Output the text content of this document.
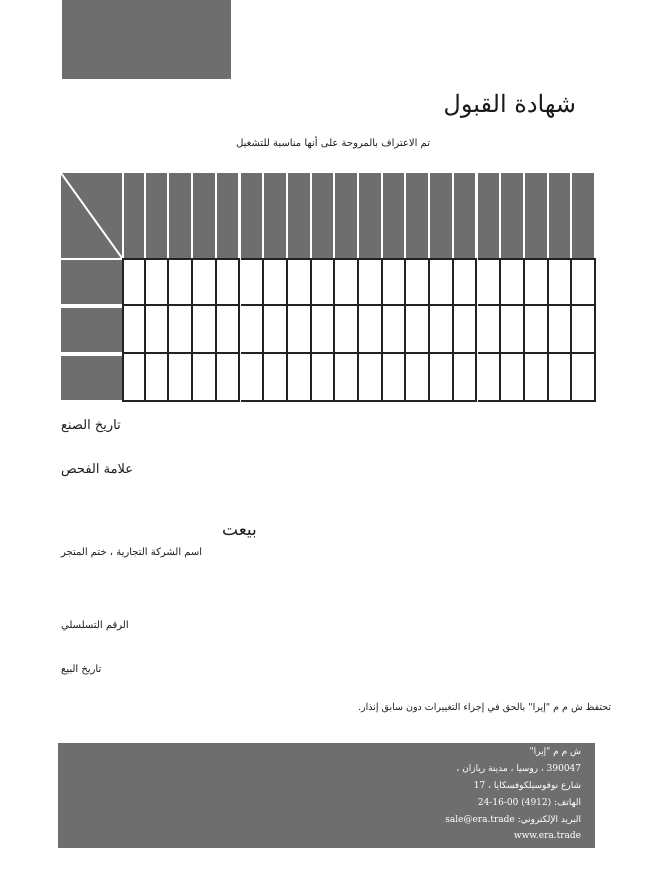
شهادة القبول
تم الاعتراف بالمروحة على أنها مناسبة للتشغيل
تاريخ الصنع
علامة الفحص
بيعت
اسم الشركة التجارية ، ختم المتجر
الرقم التسلسلي
تاريخ البيع
تحتفظ ش م م "إيرا" بالحق في إجراء التغييرات دون سابق إنذار.
ش م م "إيرا"
390047 ، روسيا ، مدينة ريازان ،
شارع نوفوسيلكوفسكايا ، 17
الهاتف: (4912) 00-16-24
البريد الإلكتروني: sale@era.trade
www.era.trade
